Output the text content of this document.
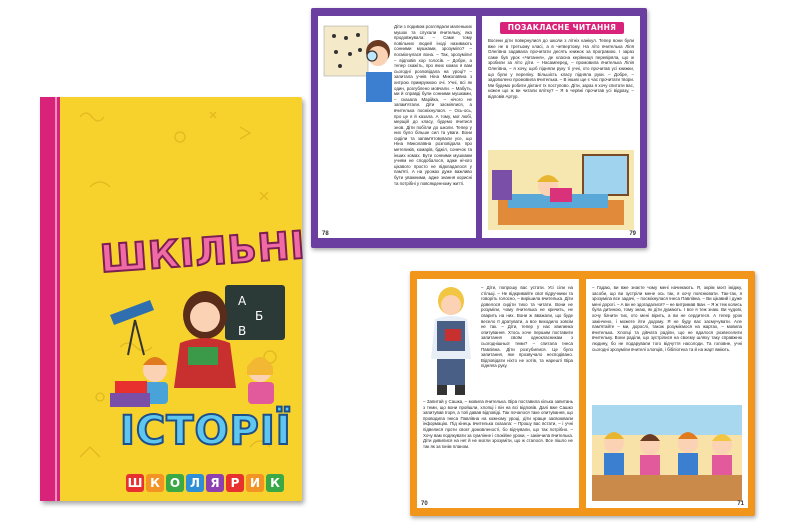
ШКІЛЬНІ
А
Б
В
ІСТОРІЇ
Ш К О Л Я Р И К
Діти з подивом розглядали маленьких мушок та слухали вчительку, яка продовжувала: – Саме тому повільних людей іноді називають сонними мушками, зрозуміло? – посміхнулася вона. – Так, зрозуміли! – відповів хор голосів. – Добре, а тепер скажіть, про яких комах я вам сьогодні розповідала на уроці? – запитала учнів Ніна Миколаївна з хитрою примружкою очі. Учні, всі як один, розгублено мовчали. – Мабуть, ми й справді були сонними мушками, – сказала Марійка, – нічого не запам'ятали. Діти засміялися, а вчителька посміхнулася. – Ось-ось, про це я й казала. А тому, мої любі, мерщій до класу, будемо вчитися знов. Діти побігли до школи. Тепер у них було більше сил та уваги. Вони сиділи та запам'ятовували усе, що Ніна Миколаївна розповідала про метеликів, комарів, бджіл, сонечок та інших комах. Бути сонними мушками учням не сподобалося, адже нічого цікавого просто не відкладалося у пам'яті. А на урожах дуже важливо бути уважними, адже знання корисні та потрібні у повсякденному житті.
78
ПОЗАКЛАСНЕ ЧИТАННЯ
Восени діти повернулися до школи з літніх канікул. Тепер вони були вже не в третьому класі, а в четвертому. На літо вчителька Ліля Олегівна задавала прочитати десять книжок за програмою. І зараз саме був урок «Читання», де класна керівниця перевіряла, що ж зробили за літо діти. – Насамперед, – промовила вчителька Лілія Олегівна, – я хочу, щоб підняли руку ті учні, хто прочитав усі книжки, що були у переліку. Більшість класу підняла руки. – Добре, – задоволено промовила вчителька. – В інших ще є час прочитати твори. Ми будемо робити діктант їх поступово. Діти, зараз я хочу спитати вас, кожен що ж ви читали влітку? – Я в червні прочитав усі відразу, – відповів Артур.
79
– Діти, попрошу вас устати. Усі сіли на стільці. – Не відкривайте свої підручники та говоріть голосно, – вирішила вчителька. Діти довелося сидіти тихо та читати. Вони не розуміли, чому вчителька не кричить, не сварить на них. Вони ж вважали, що буде весело її дратувати, а все виходило зовсім не так. – Діти, тепер у нас хвилинка опитування. Хтось хоче першим поставити запитання своїм однокласникам з сьогоднішньої теми? – спитала Інеса Павлівна. Діти розгубилися. Це було запитання, яке прозвучало несподівано. Відповідати ніхто не хотів, та нарешті Віра підняла руку.
– Запитай у Сашка, – мовила вчителька. Віра поставила кілька запитань з теми, що вони пройшли, хлопці і він на всі відповів. Далі вже Сашко запитував Ігоря, а той давав відповіді. Так почалося таке опитування, що проводила Інеса Павлівна на кожному уроці, діти краще засвоювали інформацію. Під кінець вчителька сказала: – Прошу вас встати, – і учні підвелися проти своєї домовленості, бо відчували, що так потрібно. – Хочу вам подякувати за сумлінне і спокійне уроки, – закінчила вчителька. Діти дивилися на неї й не могли зрозуміти, що ж сталося. Все пішло не так як за їхнім планом.
70
– Гадаю, ви вже знаєте чому мені начинають. Я, окрім моєї іміджу, засоби, що ви зустріли мене ось так, я хочу пояснювати. Так-так, я зрозуміла все задачі, – посміхнулася Інеса Павлівна. – Ви цікавий і дуже мені дорогі. – А ви не здогадалися? – не витримав Іван. – Я ж теж колись була дитиною, тому знаю, як діти думають. І все я теж знаю. Ви чудові, хочу бачити тих, хто мені вірить, а ви не сердитеся. А тепер урок закінчено, і можете йти додому. Я не буду вас засмучувати. Але пам'ятайте – ми, дорослі, також розуміємося на жартах, – мовила вчителька. Хлопці та дівчата раділи, що не вдалося розвеселити вчительку. Вони раділи, що зустрілися на своєму шляху таку справжню людину, бо не подарували того відчуття насолоди. Та головне, учні сьогодні зрозуміли вчителі хлопців, і бібліотека та й на жарт вміють.
71
